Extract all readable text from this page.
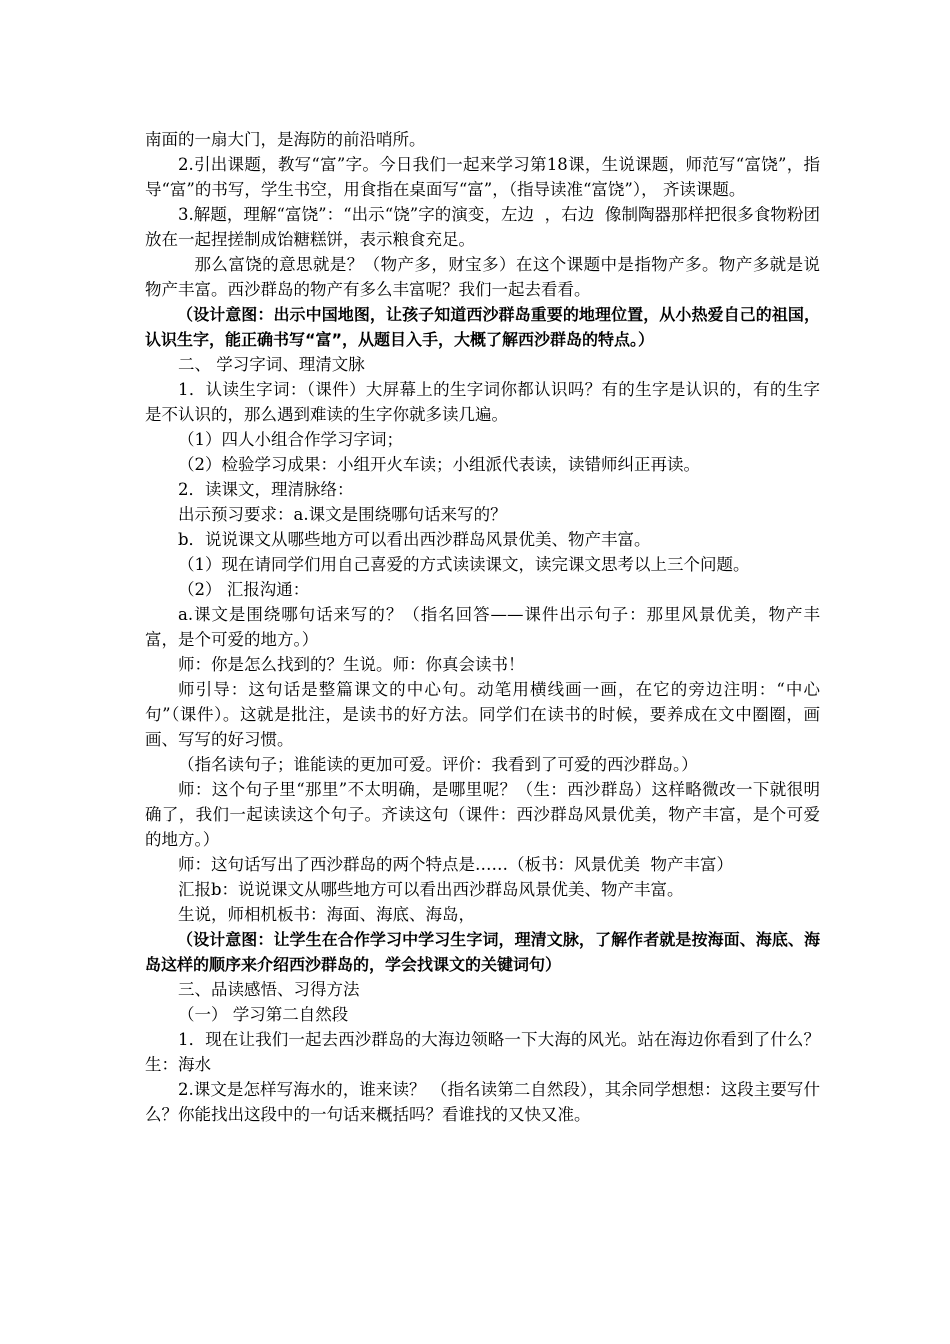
南面的一扇大门，是海防的前沿哨所。

2.引出课题，教写“富”字。今日我们一起来学习第18课，生说课题，师范写“富饶”，指导“富”的书写，学生书空，用食指在桌面写“富”，（指导读准“富饶”）， 齐读课题。

3.解题，理解“富饶”：“出示“饶”字的演变，左边  ，右边  像制陶器那样把很多食物粉团放在一起捏搓制成饴糖糕饼，表示粮食充足。

那么富饶的意思就是？（物产多，财宝多）在这个课题中是指物产多。物产多就是说物产丰富。西沙群岛的物产有多么丰富呢？我们一起去看看。

（设计意图：出示中国地图，让孩子知道西沙群岛重要的地理位置，从小热爱自己的祖国，认识生字，能正确书写“富”，从题目入手，大概了解西沙群岛的特点。）

二、 学习字词、理清文脉

1．认读生字词：（课件）大屏幕上的生字词你都认识吗？有的生字是认识的，有的生字是不认识的，那么遇到难读的生字你就多读几遍。

（1）四人小组合作学习字词；

（2）检验学习成果：小组开火车读；小组派代表读，读错师纠正再读。

2．读课文，理清脉络：

出示预习要求：a.课文是围绕哪句话来写的？

b．说说课文从哪些地方可以看出西沙群岛风景优美、物产丰富。

（1）现在请同学们用自己喜爱的方式读读课文，读完课文思考以上三个问题。

（2） 汇报沟通：

a.课文是围绕哪句话来写的？（指名回答——课件出示句子：那里风景优美，物产丰富，是个可爱的地方。）

师：你是怎么找到的？生说。师：你真会读书！

师引导：这句话是整篇课文的中心句。动笔用横线画一画，在它的旁边注明：“中心句”（课件）。这就是批注，是读书的好方法。同学们在读书的时候，要养成在文中圈圈，画画、写写的好习惯。

（指名读句子；谁能读的更加可爱。评价：我看到了可爱的西沙群岛。）

师：这个句子里“那里”不太明确，是哪里呢？（生：西沙群岛）这样略微改一下就很明确了，我们一起读读这个句子。齐读这句（课件：西沙群岛风景优美，物产丰富，是个可爱的地方。）

师：这句话写出了西沙群岛的两个特点是……（板书：风景优美  物产丰富）

汇报b：说说课文从哪些地方可以看出西沙群岛风景优美、物产丰富。

生说，师相机板书：海面、海底、海岛，

（设计意图：让学生在合作学习中学习生字词，理清文脉，了解作者就是按海面、海底、海岛这样的顺序来介绍西沙群岛的，学会找课文的关键词句）

三、品读感悟、习得方法

（一） 学习第二自然段

1．现在让我们一起去西沙群岛的大海边领略一下大海的风光。站在海边你看到了什么？生：海水

2.课文是怎样写海水的，谁来读？ （指名读第二自然段），其余同学想想：这段主要写什么？你能找出这段中的一句话来概括吗？看谁找的又快又准。
